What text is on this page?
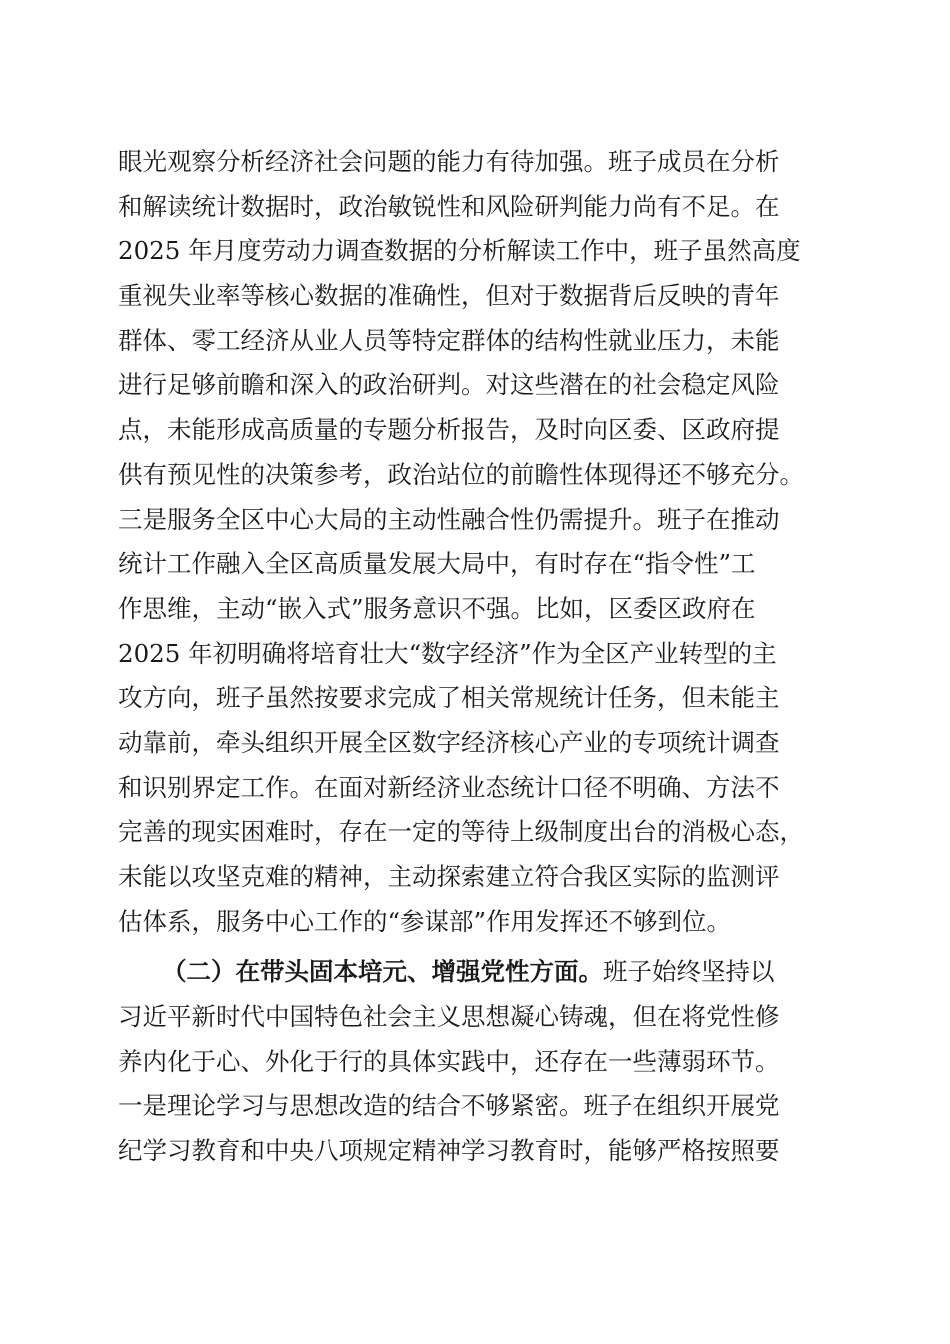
眼光观察分析经济社会问题的能力有待加强。班子成员在分析
和解读统计数据时，政治敏锐性和风险研判能力尚有不足。在
2025 年月度劳动力调查数据的分析解读工作中，班子虽然高度
重视失业率等核心数据的准确性，但对于数据背后反映的青年
群体、零工经济从业人员等特定群体的结构性就业压力，未能
进行足够前瞻和深入的政治研判。对这些潜在的社会稳定风险
点，未能形成高质量的专题分析报告，及时向区委、区政府提
供有预见性的决策参考，政治站位的前瞻性体现得还不够充分。
三是服务全区中心大局的主动性融合性仍需提升。班子在推动
统计工作融入全区高质量发展大局中，有时存在“指令性”工
作思维，主动“嵌入式”服务意识不强。比如，区委区政府在
2025 年初明确将培育壮大“数字经济”作为全区产业转型的主
攻方向，班子虽然按要求完成了相关常规统计任务，但未能主
动靠前，牵头组织开展全区数字经济核心产业的专项统计调查
和识别界定工作。在面对新经济业态统计口径不明确、方法不
完善的现实困难时，存在一定的等待上级制度出台的消极心态，
未能以攻坚克难的精神，主动探索建立符合我区实际的监测评
估体系，服务中心工作的“参谋部”作用发挥还不够到位。
（二）在带头固本培元、增强党性方面。班子始终坚持以
习近平新时代中国特色社会主义思想凝心铸魂，但在将党性修
养内化于心、外化于行的具体实践中，还存在一些薄弱环节。
一是理论学习与思想改造的结合不够紧密。班子在组织开展党
纪学习教育和中央八项规定精神学习教育时，能够严格按照要
